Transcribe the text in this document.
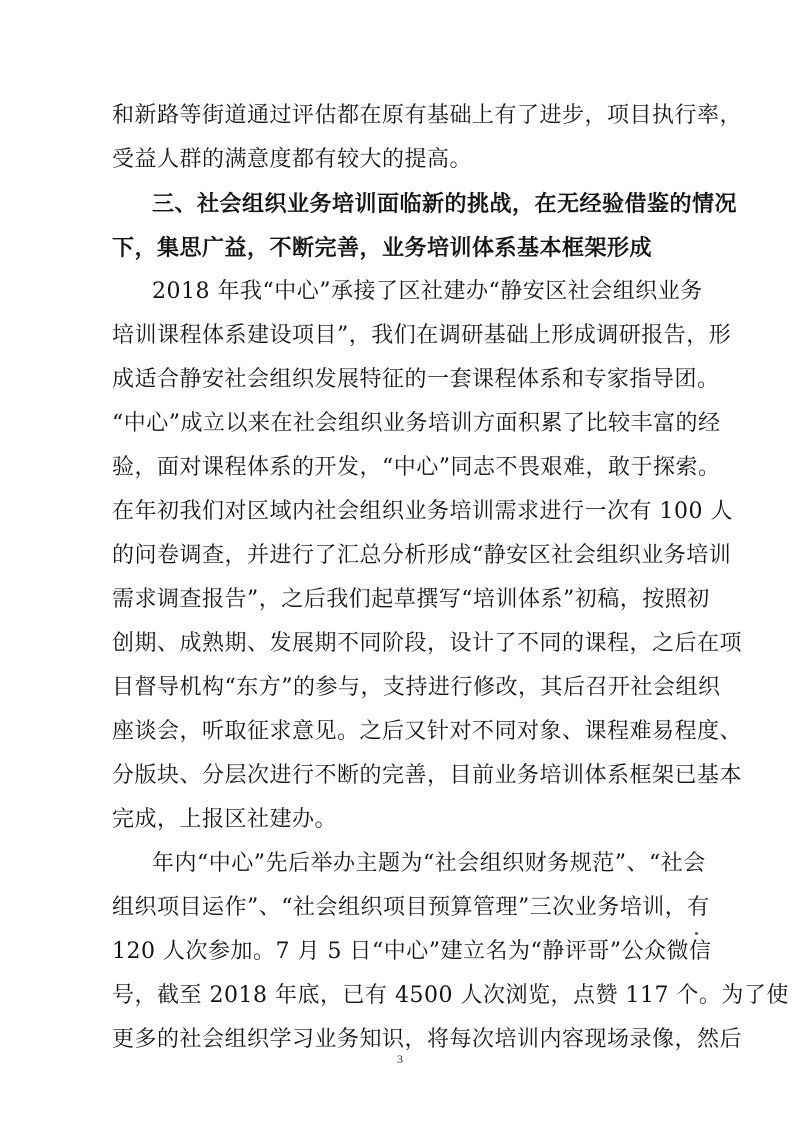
和新路等街道通过评估都在原有基础上有了进步，项目执行率，
受益人群的满意度都有较大的提高。
三、社会组织业务培训面临新的挑战，在无经验借鉴的情况
下，集思广益，不断完善，业务培训体系基本框架形成
2018 年我“中心”承接了区社建办“静安区社会组织业务
培训课程体系建设项目”，我们在调研基础上形成调研报告，形
成适合静安社会组织发展特征的一套课程体系和专家指导团。
“中心”成立以来在社会组织业务培训方面积累了比较丰富的经
验，面对课程体系的开发，“中心”同志不畏艰难，敢于探索。
在年初我们对区域内社会组织业务培训需求进行一次有 100 人
的问卷调查，并进行了汇总分析形成“静安区社会组织业务培训
需求调查报告”，之后我们起草撰写“培训体系”初稿，按照初
创期、成熟期、发展期不同阶段，设计了不同的课程，之后在项
目督导机构“东方”的参与，支持进行修改，其后召开社会组织
座谈会，听取征求意见。之后又针对不同对象、课程难易程度、
分版块、分层次进行不断的完善，目前业务培训体系框架已基本
完成，上报区社建办。
年内“中心”先后举办主题为“社会组织财务规范”、“社会
组织项目运作”、“社会组织项目预算管理”三次业务培训，有
120 人次参加。7 月 5 日“中心”建立名为“静评哥”公众微信
号，截至 2018 年底，已有 4500 人次浏览，点赞 117 个。为了使
更多的社会组织学习业务知识，将每次培训内容现场录像，然后
3
